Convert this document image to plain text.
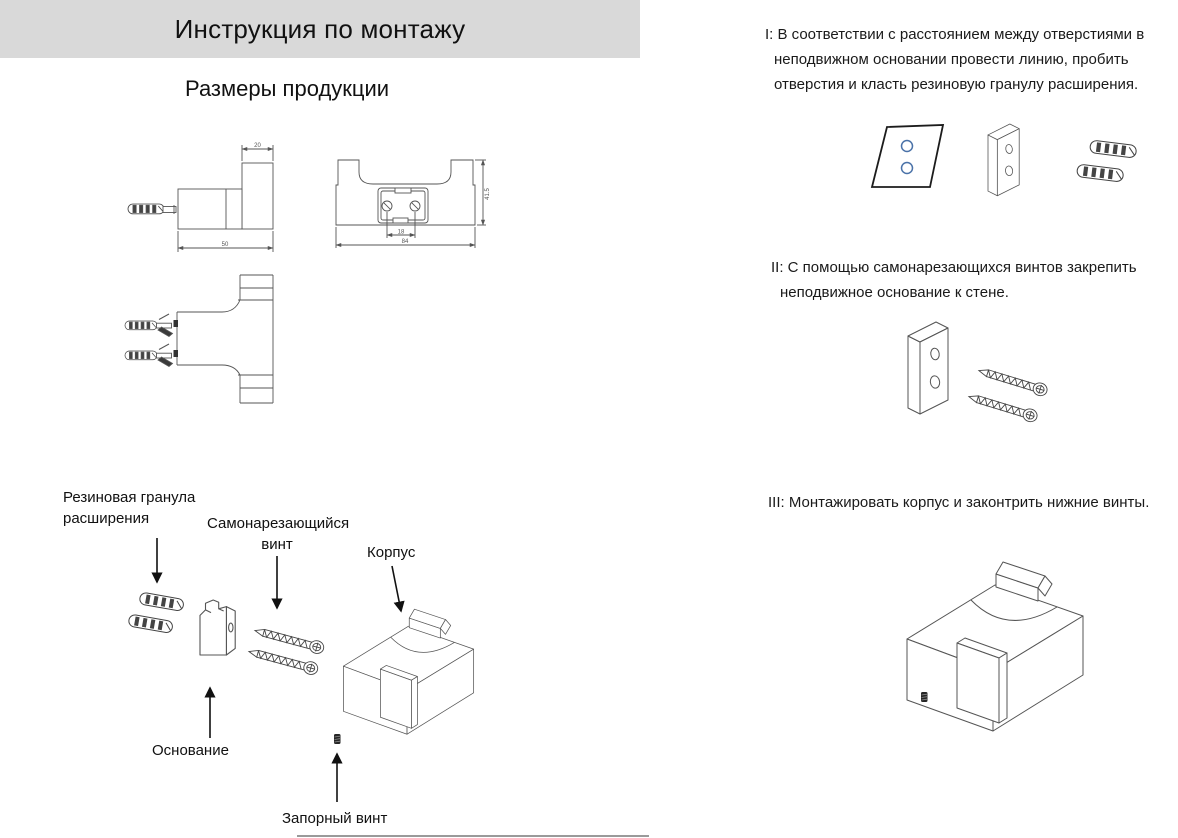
Инструкция по монтажу
Размеры продукции
20
50
41.5
18
84
Резиновая гранула расширения	Самонарезающийся винт	Корпус
Основание
Запорный винт
I: В соответствии с расстоянием между отверстиями в неподвижном основании провести линию, пробить отверстия и класть резиновую гранулу расширения.
II: С помощью самонарезающихся винтов закрепить неподвижное основание к стене.
III: Монтажировать корпус и законтрить нижние винты.
